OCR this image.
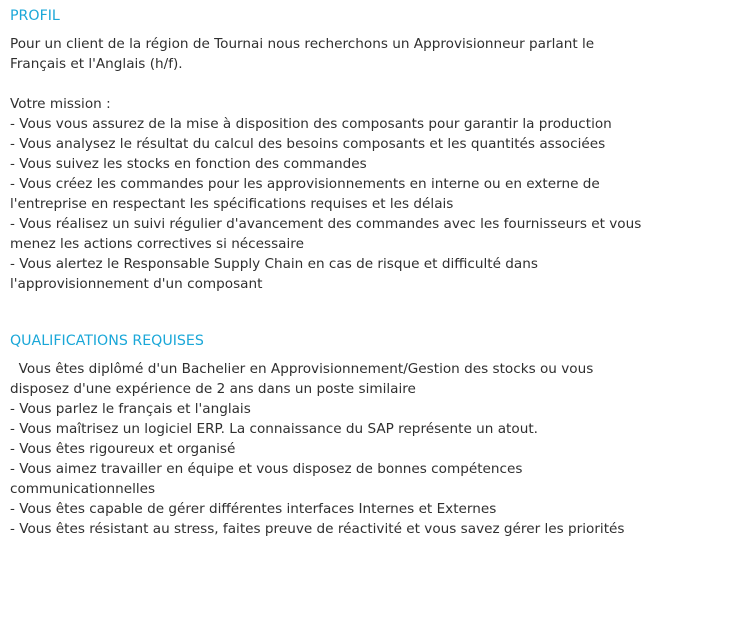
PROFIL
Pour un client de la région de Tournai nous recherchons un Approvisionneur parlant le
Français et l'Anglais (h/f).
Votre mission :
- Vous vous assurez de la mise à disposition des composants pour garantir la production
- Vous analysez le résultat du calcul des besoins composants et les quantités associées
- Vous suivez les stocks en fonction des commandes
- Vous créez les commandes pour les approvisionnements en interne ou en externe de
l'entreprise en respectant les spécifications requises et les délais
- Vous réalisez un suivi régulier d'avancement des commandes avec les fournisseurs et vous
menez les actions correctives si nécessaire
- Vous alertez le Responsable Supply Chain en cas de risque et difficulté dans
l'approvisionnement d'un composant
QUALIFICATIONS REQUISES
Vous êtes diplômé d'un Bachelier en Approvisionnement/Gestion des stocks ou vous
disposez d'une expérience de 2 ans dans un poste similaire
- Vous parlez le français et l'anglais
- Vous maîtrisez un logiciel ERP. La connaissance du SAP représente un atout.
- Vous êtes rigoureux et organisé
- Vous aimez travailler en équipe et vous disposez de bonnes compétences
communicationnelles
- Vous êtes capable de gérer différentes interfaces Internes et Externes
- Vous êtes résistant au stress, faites preuve de réactivité et vous savez gérer les priorités
